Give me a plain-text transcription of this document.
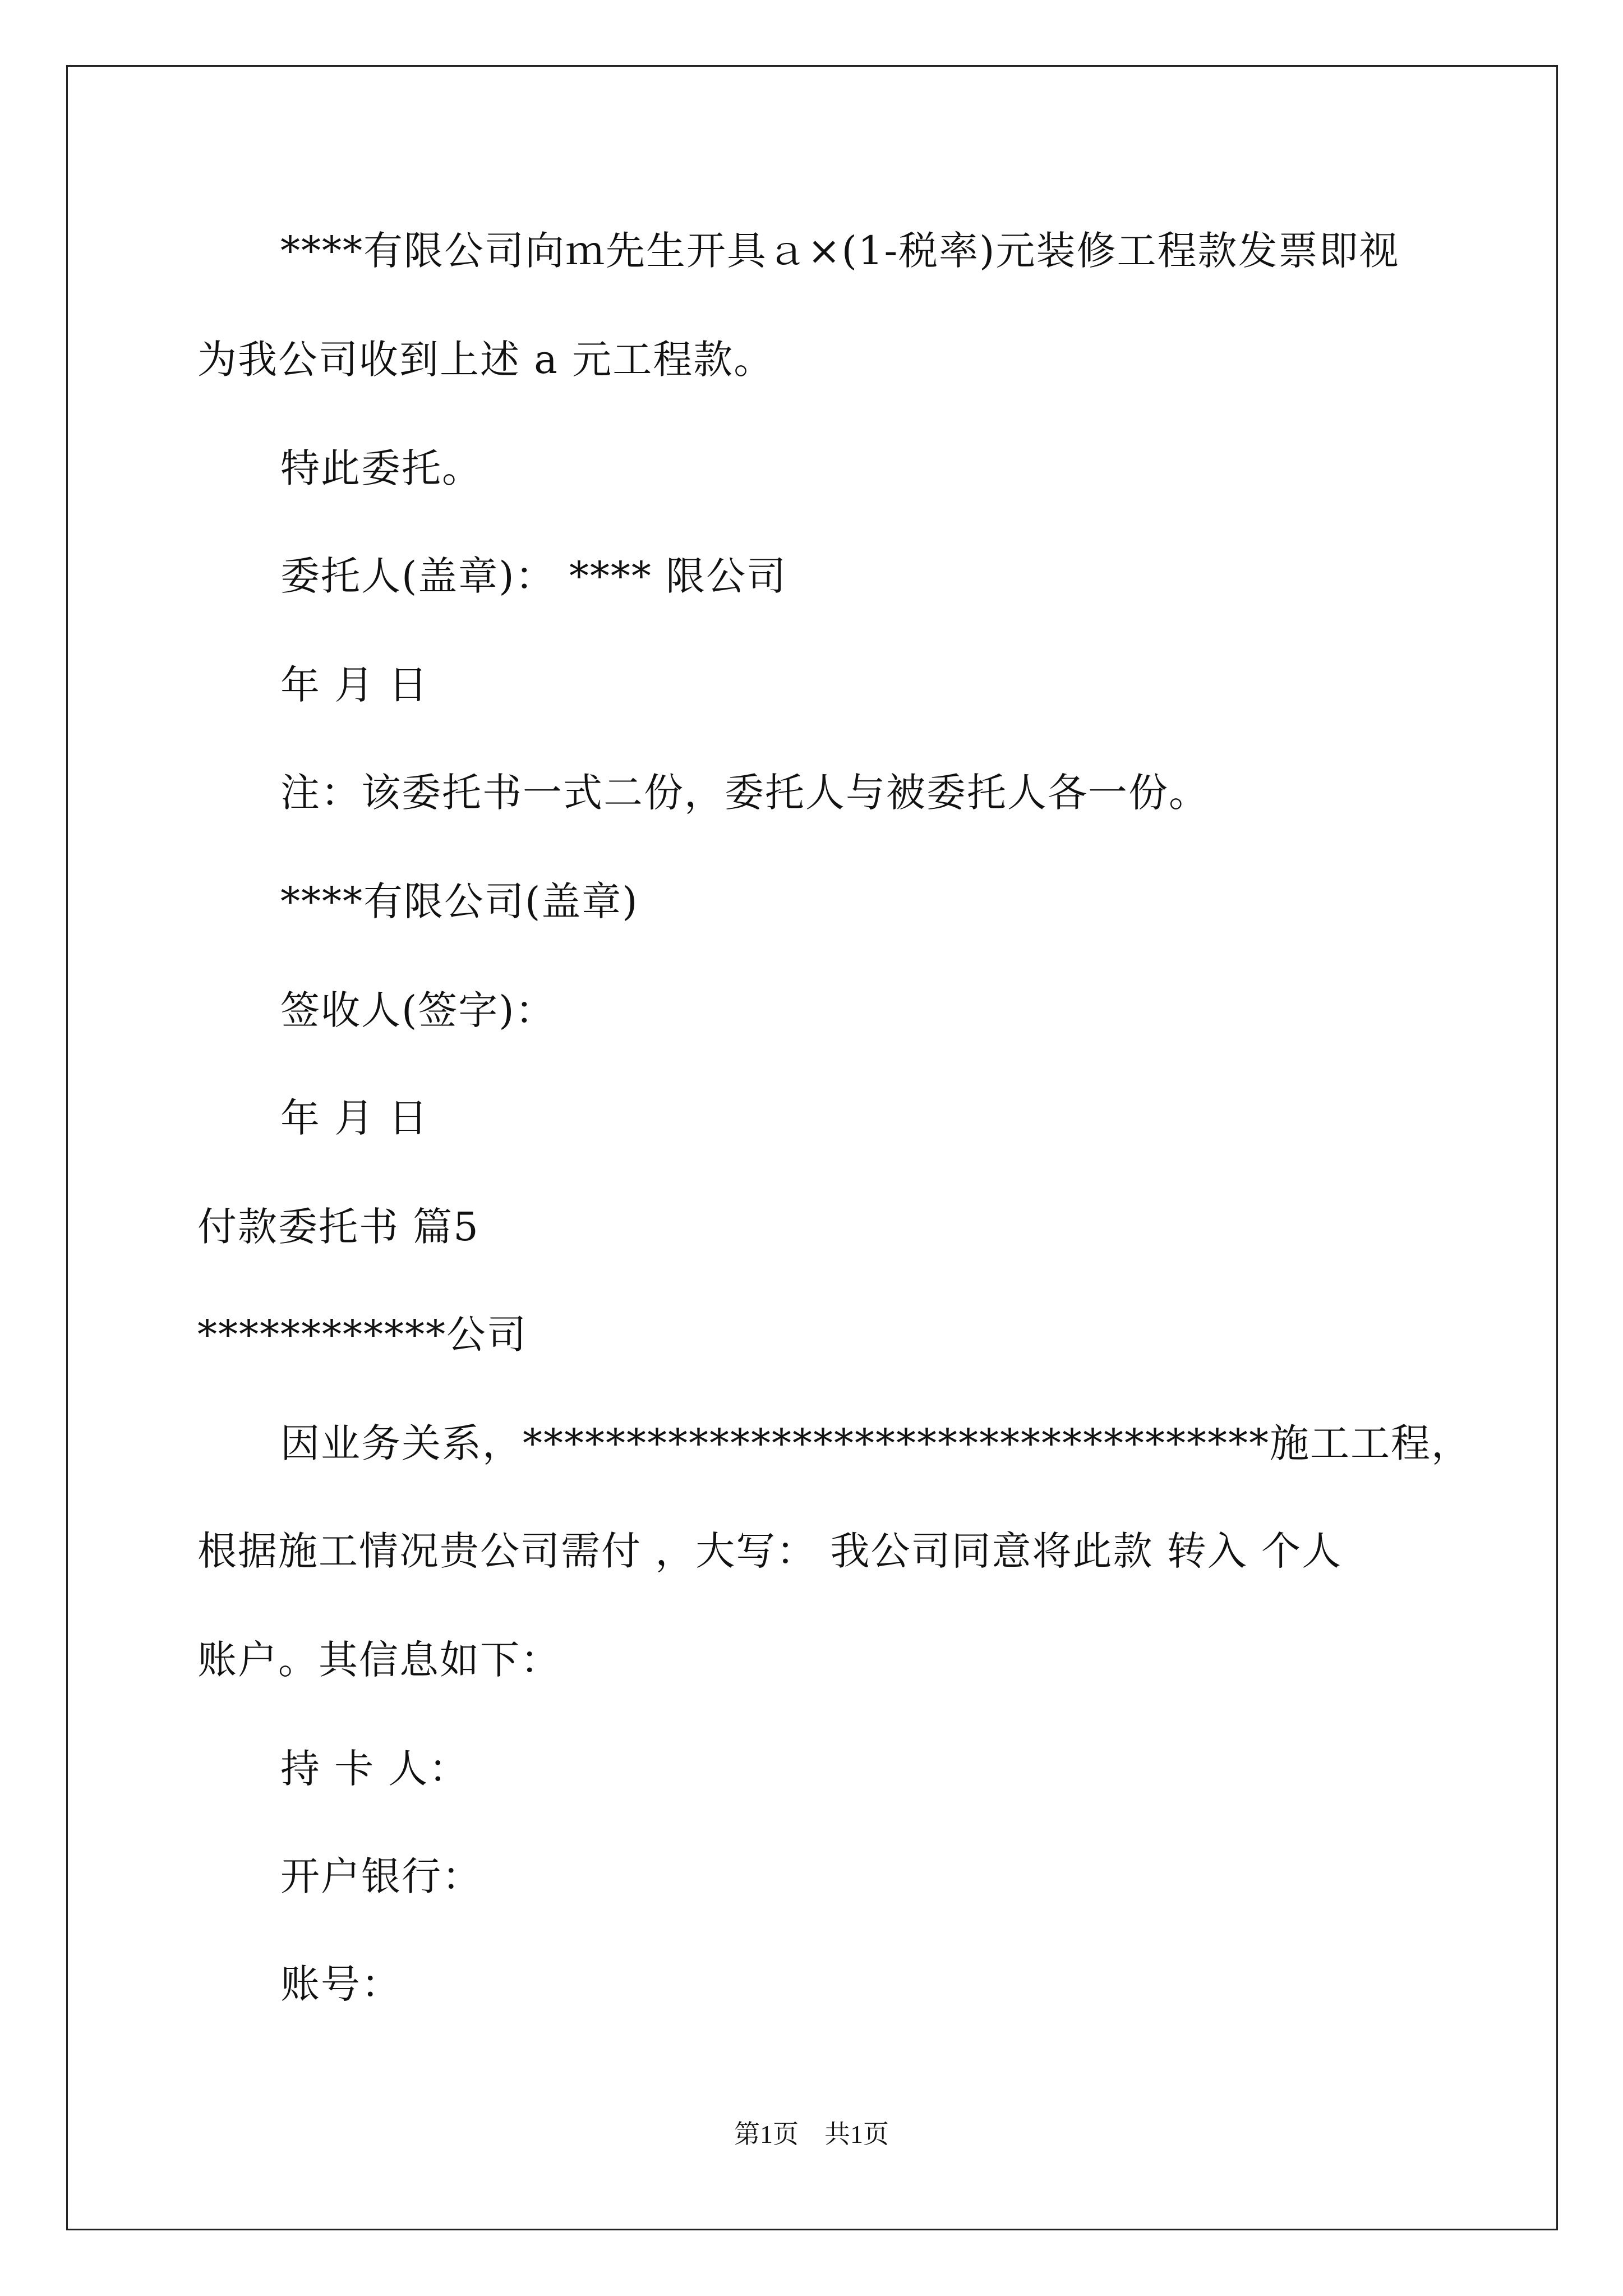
****有限公司向ｍ先生开具ａ×(1-税率)元装修工程款发票即视
为我公司收到上述 a 元工程款。
特此委托。
委托人(盖章)： **** 限公司
年 月 日
注：该委托书一式二份，委托人与被委托人各一份。
****有限公司(盖章)
签收人(签字)：
年 月 日
付款委托书 篇5
************公司
因业务关系，************************************施工工程，
根据施工情况贵公司需付 ，大写： 我公司同意将此款 转入 个人
账户。其信息如下：
持 卡 人：
开户银行：
账号：
第1页　共1页
